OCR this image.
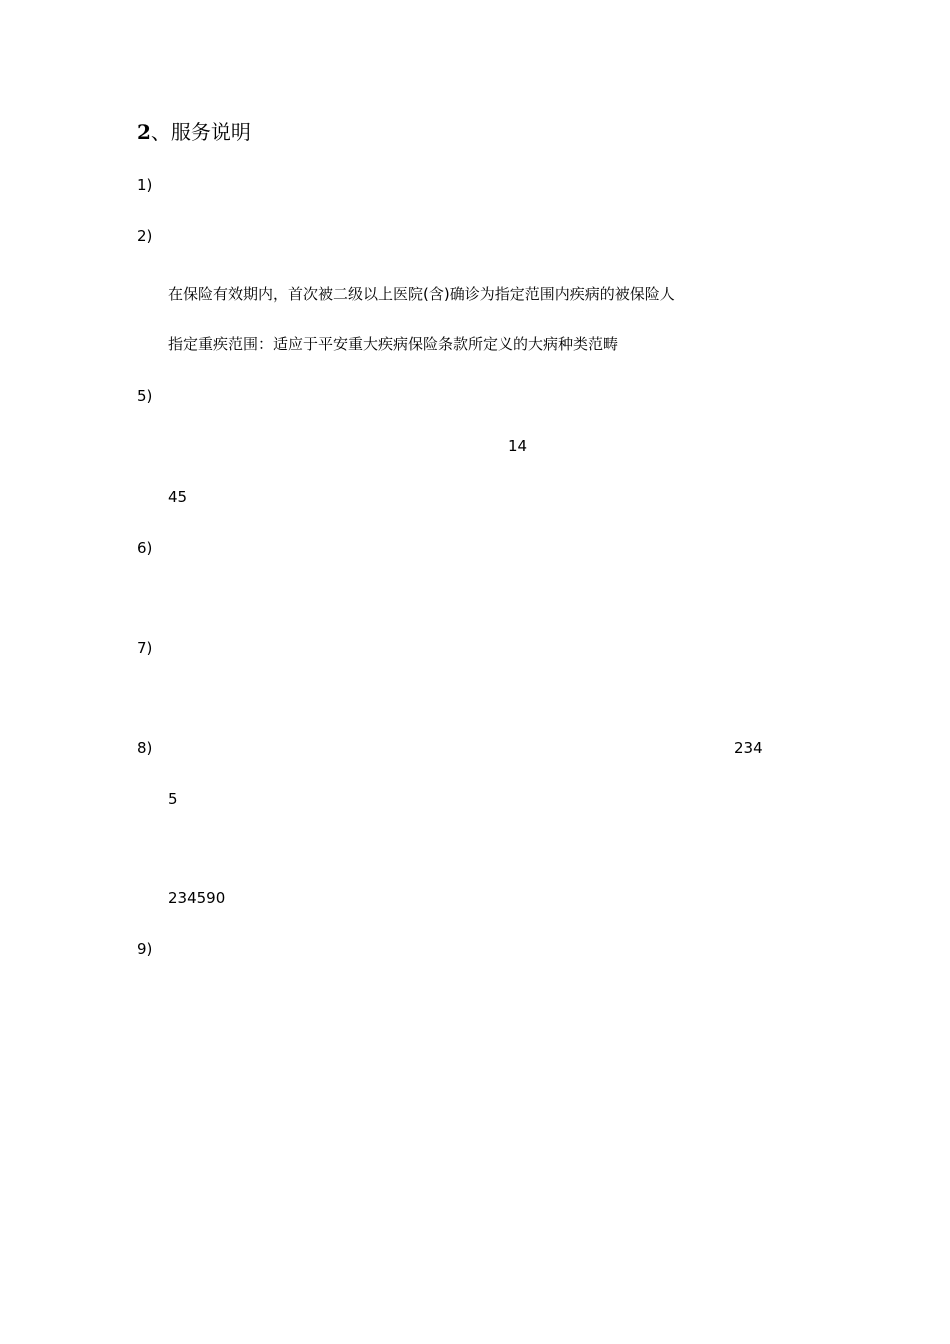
2、服务说明
1)
2)
在保险有效期内，首次被二级以上医院(含)确诊为指定范围内疾病的被保险人
指定重疾范围：适应于平安重大疾病保险条款所定义的大病种类范畴
5)
14
45
6)
7)
8)	234
5
234590
9)
